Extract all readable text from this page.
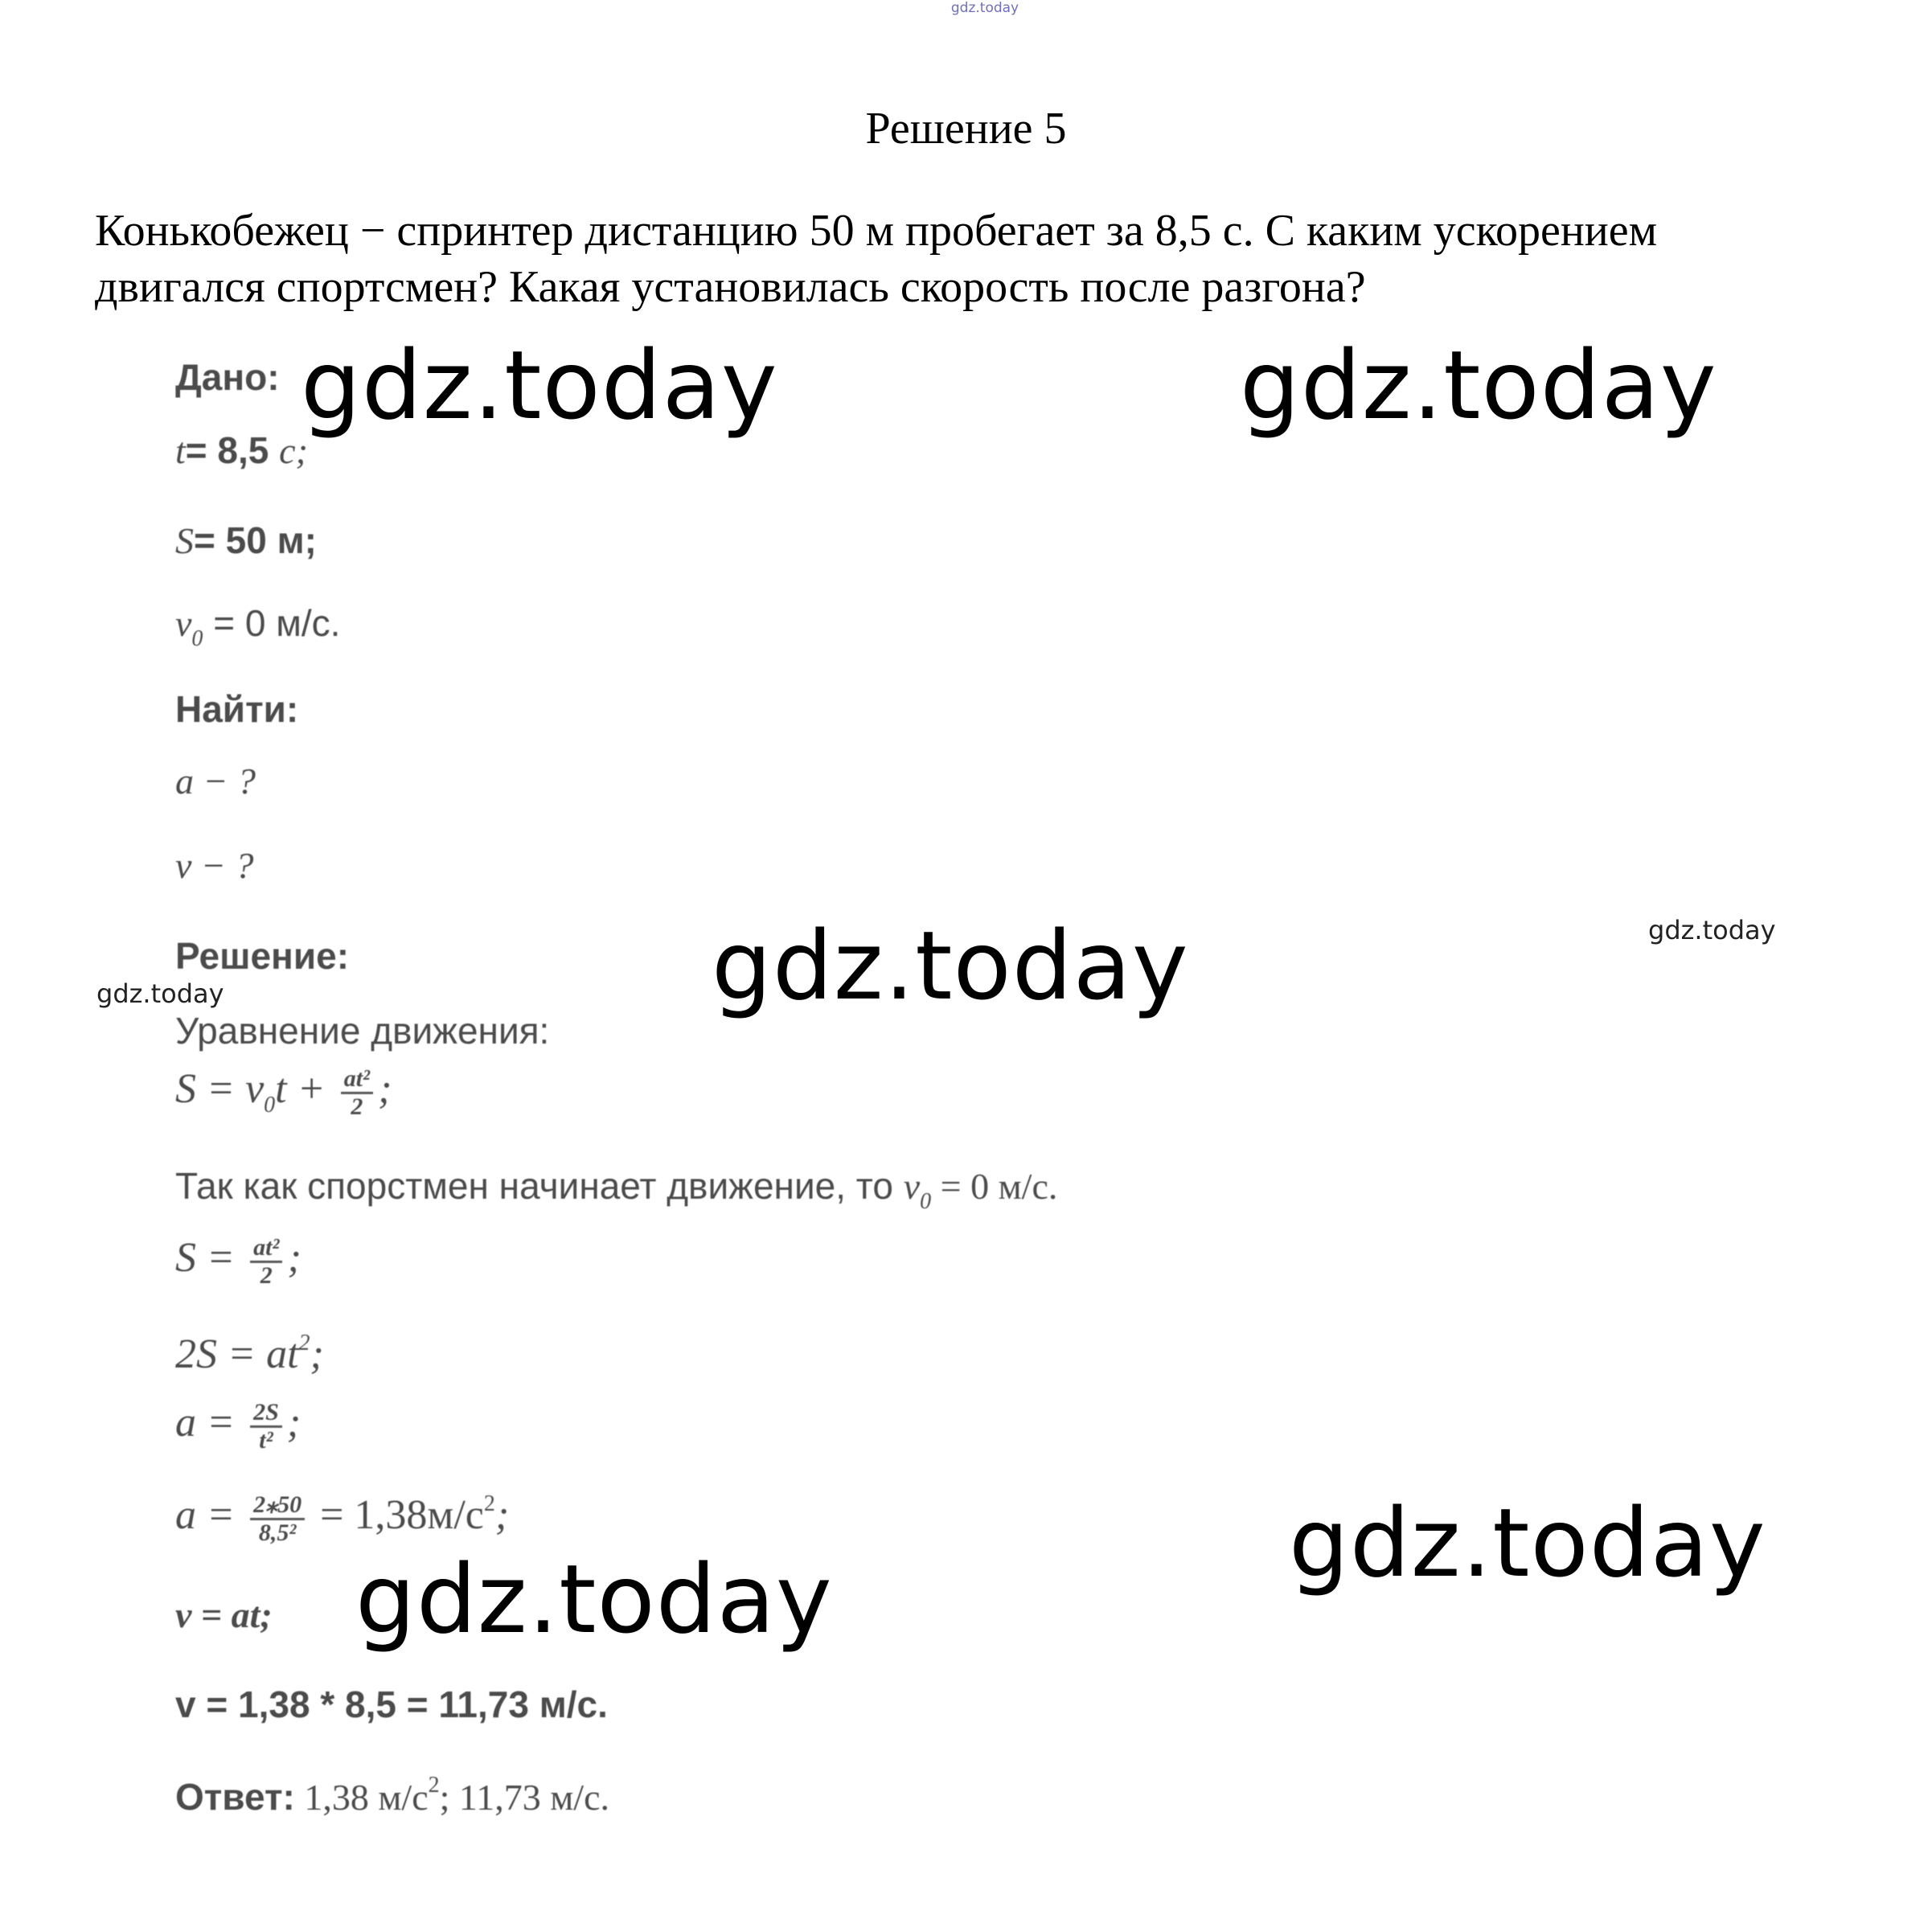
gdz.today
Решение 5
Конькобежец − спринтер дистанцию 50 м пробегает за 8,5 с. С каким ускорением
двигался спортсмен? Какая установилась скорость после разгона?
Дано:
t= 8,5 c;
S= 50 м;
$v_0 = 0$ м/с.
Найти:
a − ?
v − ?
Решение:
Уравнение движения:
$S = v_0t + \frac{\text{at²}}{2}$ ;
Так как спорстмен начинает движение, то $v_0 = 0$ м/с.
$S = \frac{\text{at²}}{2}$ ;
$2S = at^2$;
$a = \frac{2S}{\text{t²}}$ ;
$a = \frac{2⁎50}{\text{8,5²}} = 1,38м/с^2$;
v = at;
v = 1,38 * 8,5 = 11,73 м/с.
Ответ: 1,38 $м/с^2$; 11,73 м/с.
gdz.today	gdz.today
gdz.today
gdz.today
gdz.today
gdz.today
gdz.today
